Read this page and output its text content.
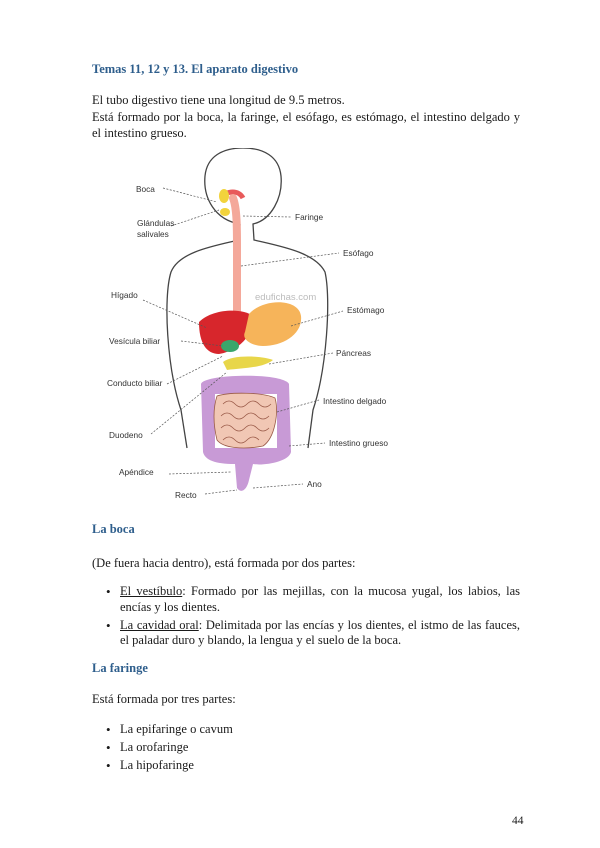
Temas 11, 12 y 13. El aparato digestivo

El tubo digestivo tiene una longitud de 9.5 metros.

Está formado por la boca, la faringe, el esófago, es estómago, el intestino delgado y el intestino grueso.

edufichas.com
Boca
Glándulas
salivales
Hígado
Vesícula biliar
Conducto biliar
Duodeno
Apéndice
Recto
Faringe
Esófago
Estómago
Páncreas
Intestino delgado
Intestino grueso
Ano
La boca

(De fuera hacia dentro), está formada por dos partes:

• El vestíbulo: Formado por las mejillas, con la mucosa yugal, los labios, las encías y los dientes.
• La cavidad oral: Delimitada por las encías y los dientes, el istmo de las fauces, el paladar duro y blando, la lengua y el suelo de la boca.
La faringe

Está formada por tres partes:

• La epifaringe o cavum
• La orofaringe
• La hipofaringe

44
